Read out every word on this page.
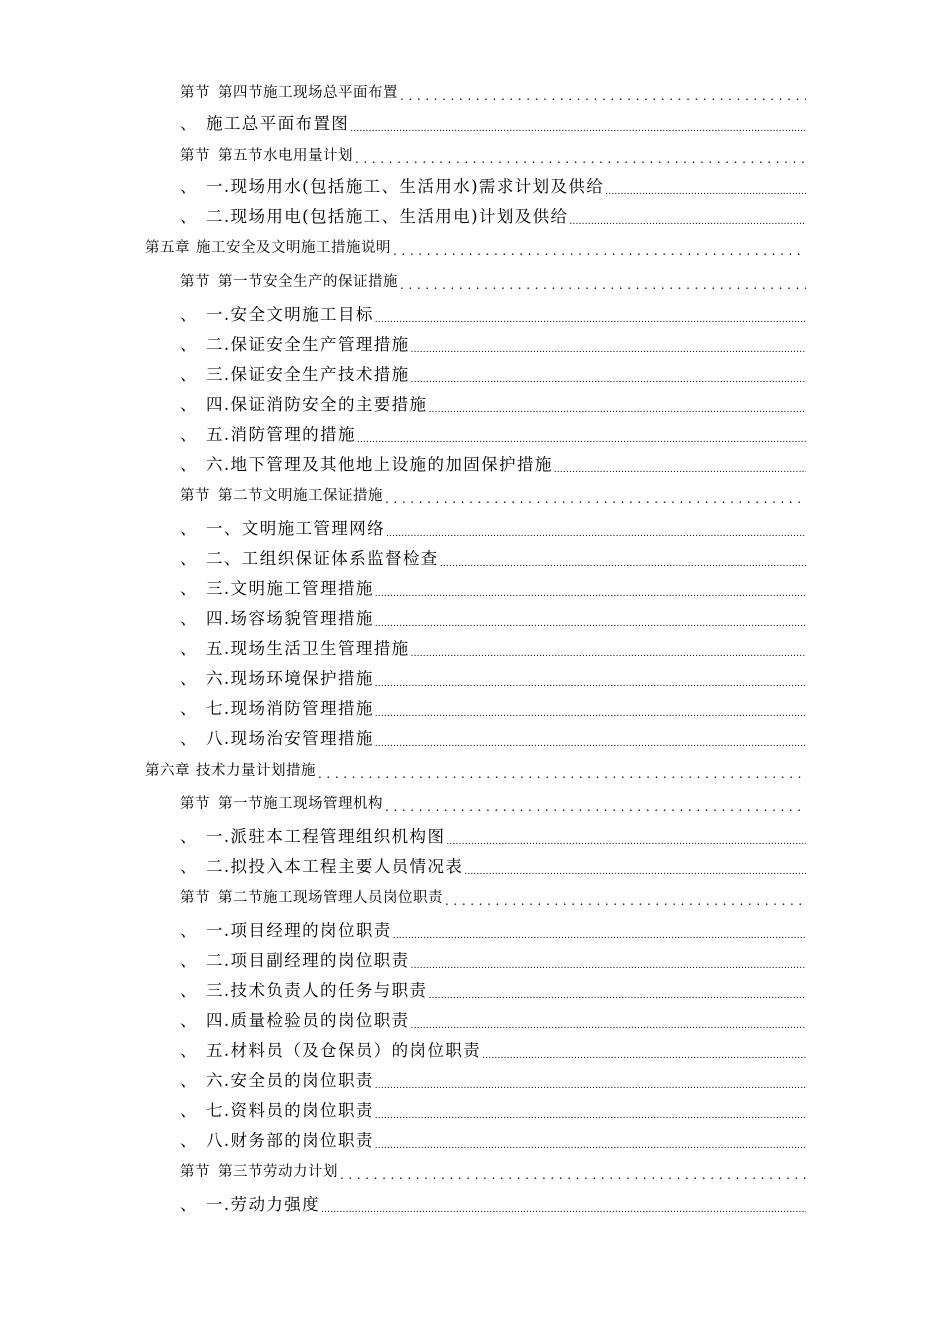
第节 第四节施工现场总平面布置
.....
、 施工总平面布置图
.....
第节 第五节水电用量计划
.....
、 一.现场用水(包括施工、生活用水)需求计划及供给
.....
、 二.现场用电(包括施工、生活用电)计划及供给
.....
第五章 施工安全及文明施工措施说明
.....
第节 第一节安全生产的保证措施
.....
、 一.安全文明施工目标
.....
、 二.保证安全生产管理措施
.....
、 三.保证安全生产技术措施
.....
、 四.保证消防安全的主要措施
.....
、 五.消防管理的措施
.....
、 六.地下管理及其他地上设施的加固保护措施
.....
第节 第二节文明施工保证措施
.....
、 一、文明施工管理网络
.....
、 二、工组织保证体系监督检查
.....
、 三.文明施工管理措施
.....
、 四.场容场貌管理措施
.....
、 五.现场生活卫生管理措施
.....
、 六.现场环境保护措施
.....
、 七.现场消防管理措施
.....
、 八.现场治安管理措施
.....
第六章 技术力量计划措施
.....
第节 第一节施工现场管理机构
.....
、 一.派驻本工程管理组织机构图
.....
、 二.拟投入本工程主要人员情况表
.....
第节 第二节施工现场管理人员岗位职责
.....
、 一.项目经理的岗位职责
.....
、 二.项目副经理的岗位职责
.....
、 三.技术负责人的任务与职责
.....
、 四.质量检验员的岗位职责
.....
、 五.材料员（及仓保员）的岗位职责
.....
、 六.安全员的岗位职责
.....
、 七.资料员的岗位职责
.....
、 八.财务部的岗位职责
.....
第节 第三节劳动力计划
.....
、 一.劳动力强度
.....
